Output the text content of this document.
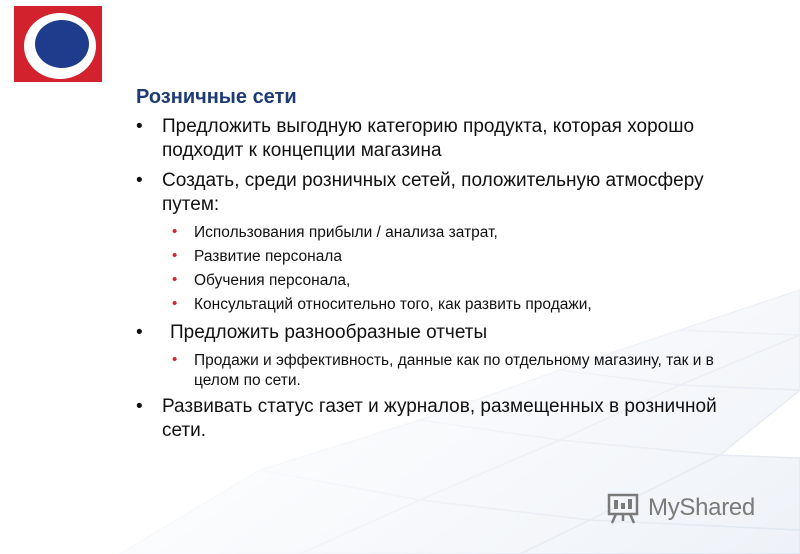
Розничные сети
• Предложить выгодную категорию продукта, которая хорошо подходит к концепции магазина
• Создать, среди розничных сетей, положительную атмосферу путем:
• Использования прибыли / анализа затрат,
• Развитие персонала
• Обучения персонала,
• Консультаций относительно того, как развить продажи,
• Предложить разнообразные отчеты
• Продажи и эффективность, данные как по отдельному магазину, так и в целом по сети.
• Развивать статус газет и журналов, размещенных в розничной сети.
MyShared
